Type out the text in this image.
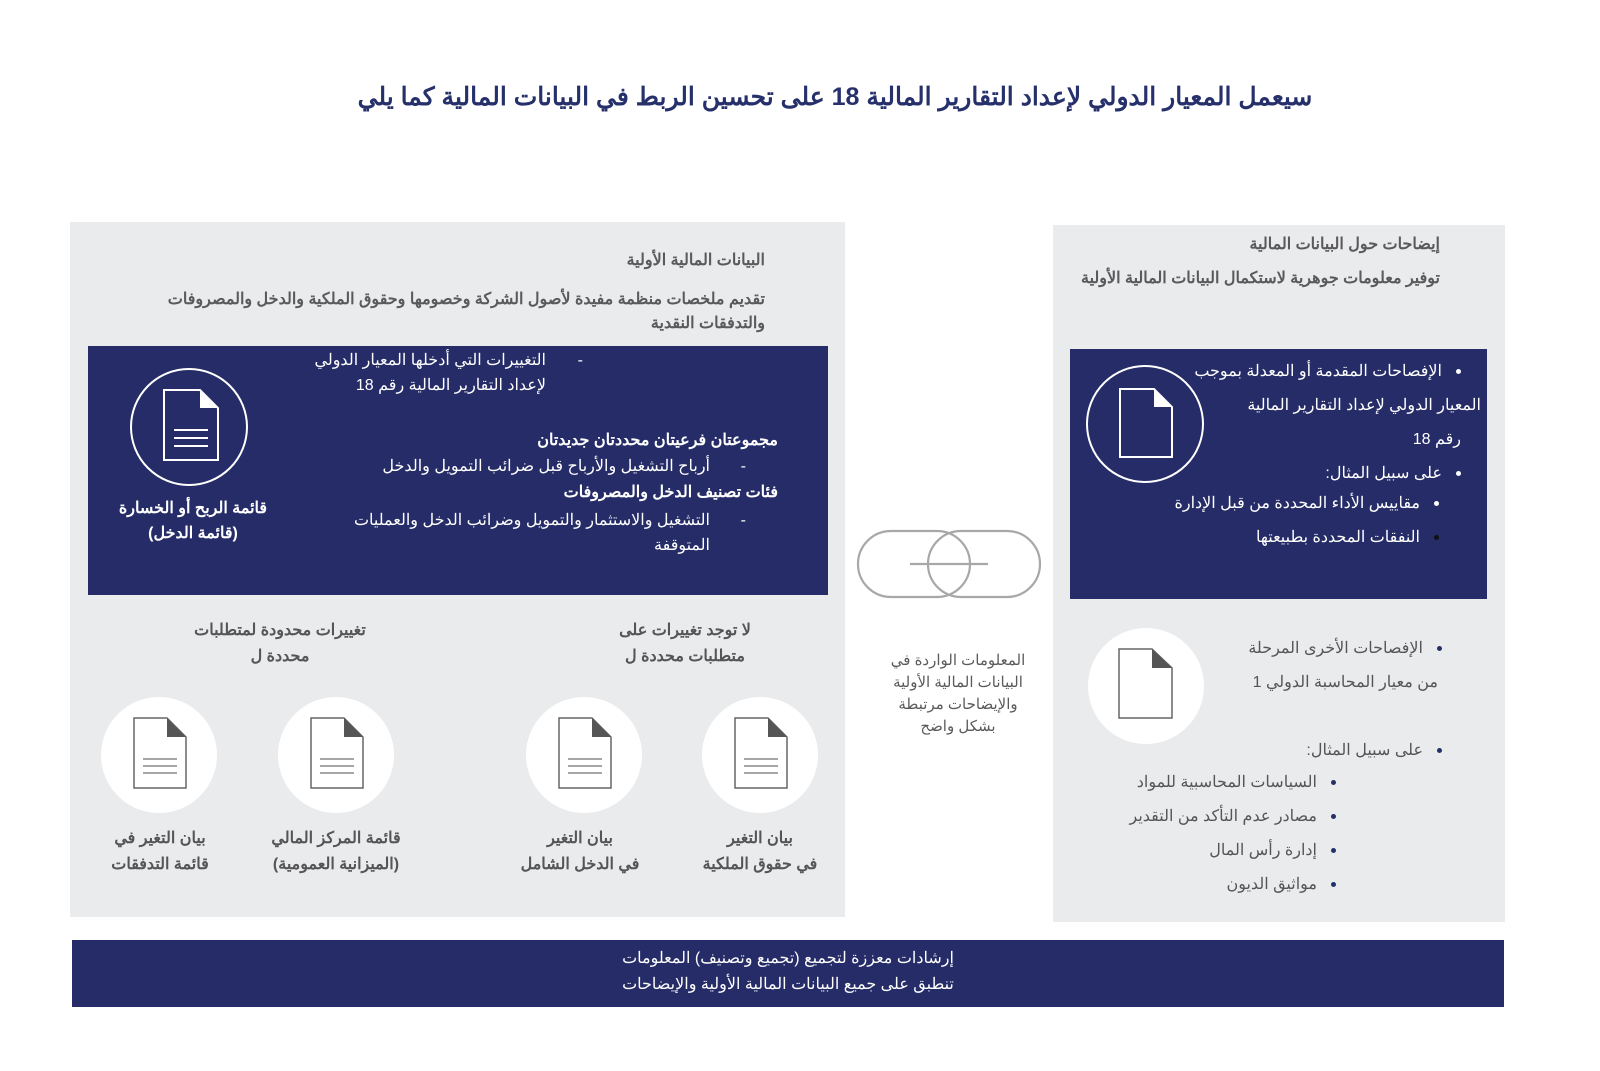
سيعمل المعيار الدولي لإعداد التقارير المالية 18 على تحسين الربط في البيانات المالية كما يلي
البيانات المالية الأولية
تقديم ملخصات منظمة مفيدة لأصول الشركة وخصومها وحقوق الملكية والدخل والمصروفات والتدفقات النقدية
قائمة الربح أو الخسارة
(قائمة الدخل)
التغييرات التي أدخلها المعيار الدولي
لإعداد التقارير المالية رقم 18
-
مجموعتان فرعيتان محددتان جديدتان
أرباح التشغيل والأرباح قبل ضرائب التمويل والدخل -
فئات تصنيف الدخل والمصروفات
التشغيل والاستثمار والتمويل وضرائب الدخل والعمليات
المتوقفة
-
لا توجد تغييرات على
متطلبات محددة ل
تغييرات محدودة لمتطلبات
محددة ل
بيان التغير
في حقوق الملكية
بيان التغير
في الدخل الشامل
قائمة المركز المالي
(الميزانية العمومية)
بيان التغير في
قائمة التدفقات
المعلومات الواردة في
البيانات المالية الأولية
والإيضاحات مرتبطة
بشكل واضح
إيضاحات حول البيانات المالية
توفير معلومات جوهرية لاستكمال البيانات المالية الأولية
الإفصاحات المقدمة أو المعدلة بموجب
المعيار الدولي لإعداد التقارير المالية
رقم 18
على سبيل المثال:
مقاييس الأداء المحددة من قبل الإدارة
النفقات المحددة بطبيعتها
الإفصاحات الأخرى المرحلة
من معيار المحاسبة الدولي 1
على سبيل المثال:
السياسات المحاسبية للمواد
مصادر عدم التأكد من التقدير
إدارة رأس المال
مواثيق الديون
إرشادات معززة لتجميع (تجميع وتصنيف) المعلومات
تنطبق على جميع البيانات المالية الأولية والإيضاحات
